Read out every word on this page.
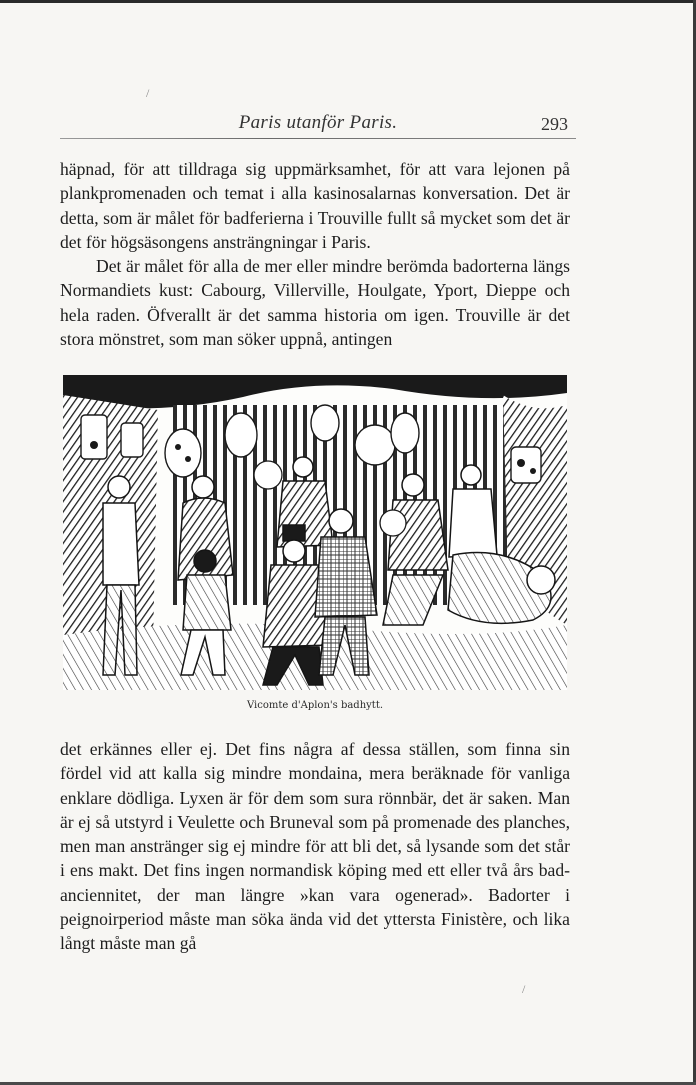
/
/
Paris utanför Paris.	293

häpnad, för att tilldraga sig uppmärksamhet, för att vara lejonen på plankpromenaden och temat i alla kasinosalarnas konversation. Det är detta, som är målet för badferierna i Trouville fullt så mycket som det är det för högsäsongens ansträngningar i Paris.

Det är målet för alla de mer eller mindre berömda badorterna längs Normandiets kust: Cabourg, Villerville, Houlgate, Yport, Dieppe och hela raden. Öfverallt är det samma historia om igen. Trouville är det stora mönstret, som man söker uppnå, antingen

Vicomte d'Aplon's badhytt.

det erkännes eller ej. Det fins några af dessa ställen, som finna sin fördel vid att kalla sig mindre mondaina, mera beräknade för vanliga enklare dödliga. Lyxen är för dem som sura rönnbär, det är saken. Man är ej så utstyrd i Veulette och Bruneval som på promenade des planches, men man anstränger sig ej mindre för att bli det, så lysande som det står i ens makt. Det fins ingen normandisk köping med ett eller två års bad-anciennitet, der man längre »kan vara ogenerad». Badorter i peignoirperiod måste man söka ända vid det yttersta Finistère, och lika långt måste man gå
